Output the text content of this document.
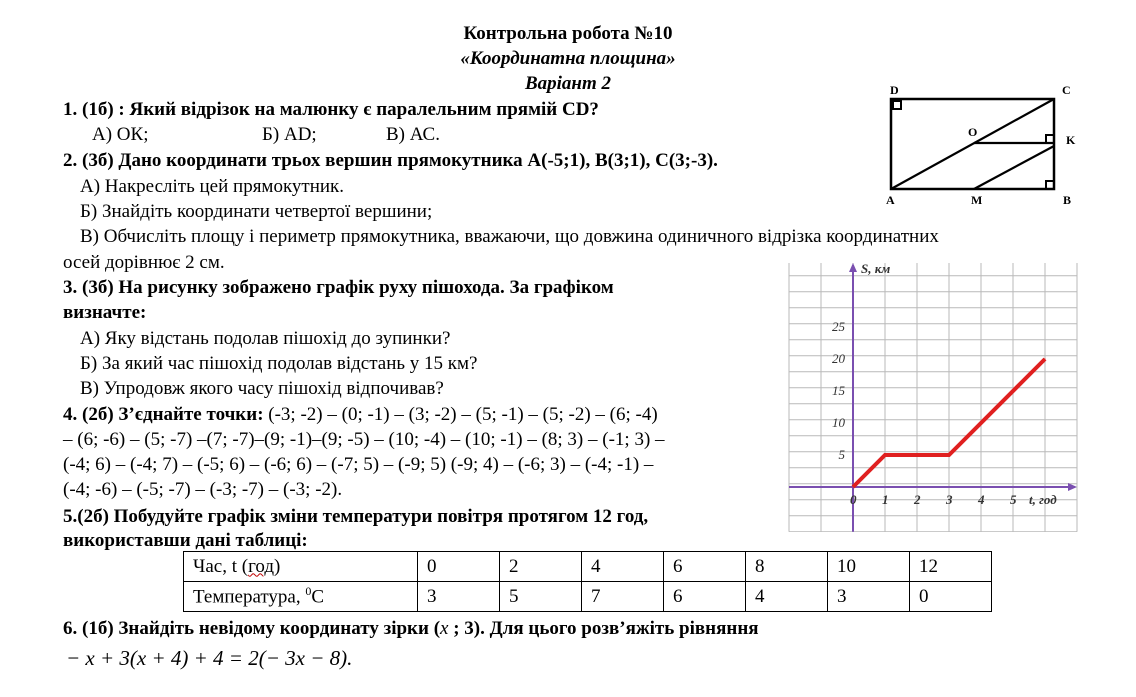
Контрольна робота №10
«Координатна площина»
Варіант 2
1. (1б) : Який відрізок на малюнку є паралельним прямій CD?
А) ОК;	Б) AD;	В) АС.
D	C
O
K
A	M	B
2. (3б) Дано координати трьох вершин прямокутника А(-5;1), В(3;1), С(3;-3).
А) Накресліть цей прямокутник.
Б) Знайдіть координати четвертої вершини;
В) Обчисліть площу і периметр прямокутника, вважаючи, що довжина одиничного відрізка координатних
осей дорівнює 2 см.
3. (3б) На рисунку зображено графік руху пішохода. За графіком
визначте:
А) Яку відстань подолав пішохід до зупинки?
Б) За який час пішохід подолав відстань у 15 км?
В) Упродовж якого часу пішохід відпочивав?
0 1 2 3 4 5
5
10
15
20
25
t, год
S, км
4. (2б) З’єднайте точки: (-3; -2) – (0; -1) – (3; -2) – (5; -1) – (5; -2) – (6; -4)
– (6; -6) – (5; -7) –(7; -7)–(9; -1)–(9; -5) – (10; -4) – (10; -1) – (8; 3) – (-1; 3) –
(-4; 6) – (-4; 7) – (-5; 6) – (-6; 6) – (-7; 5) – (-9; 5) (-9; 4) – (-6; 3) – (-4; -1) –
(-4; -6) – (-5; -7) – (-3; -7) – (-3; -2).
5.(2б) Побудуйте графік зміни температури повітря протягом 12 год,
використавши дані таблиці:
Час, t (год)	0	2	4	6	8	10	12
Температура, $^0$С	3	5	7	6	4	3	0
6. (1б) Знайдіть невідому координату зірки (x ; 3). Для цього розв’яжіть рівняння
− x + 3(x + 4) + 4 = 2(− 3x − 8).
